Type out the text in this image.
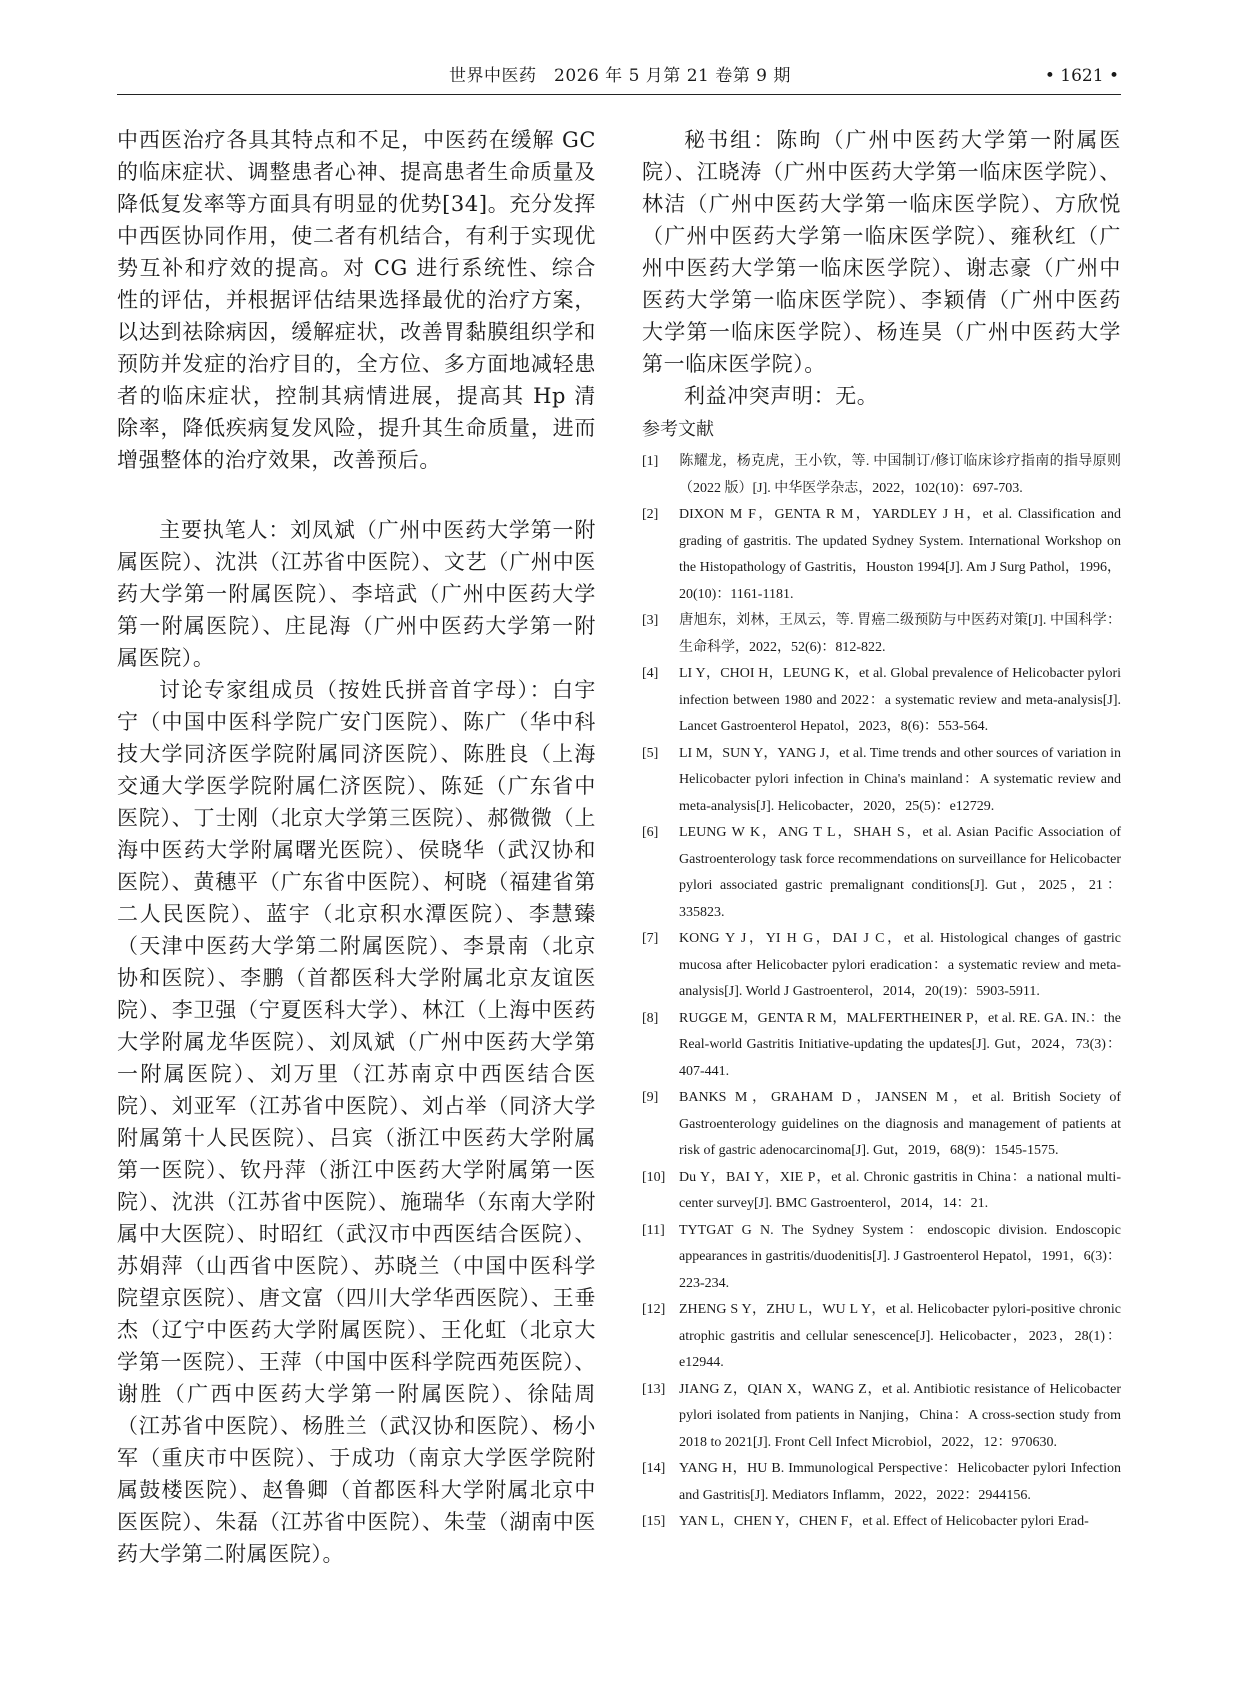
世界中医药　2026 年 5 月第 21 卷第 9 期	• 1621 •

中西医治疗各具其特点和不足，中医药在缓解 GC 的临床症状、调整患者心神、提高患者生命质量及降低复发率等方面具有明显的优势[34]。充分发挥中西医协同作用，使二者有机结合，有利于实现优势互补和疗效的提高。对 CG 进行系统性、综合性的评估，并根据评估结果选择最优的治疗方案，以达到祛除病因，缓解症状，改善胃黏膜组织学和预防并发症的治疗目的，全方位、多方面地减轻患者的临床症状，控制其病情进展，提高其 Hp 清除率，降低疾病复发风险，提升其生命质量，进而增强整体的治疗效果，改善预后。

主要执笔人：刘凤斌（广州中医药大学第一附属医院）、沈洪（江苏省中医院）、文艺（广州中医药大学第一附属医院）、李培武（广州中医药大学第一附属医院）、庄昆海（广州中医药大学第一附属医院）。

讨论专家组成员（按姓氏拼音首字母）：白宇宁（中国中医科学院广安门医院）、陈广（华中科技大学同济医学院附属同济医院）、陈胜良（上海交通大学医学院附属仁济医院）、陈延（广东省中医院）、丁士刚（北京大学第三医院）、郝微微（上海中医药大学附属曙光医院）、侯晓华（武汉协和医院）、黄穗平（广东省中医院）、柯晓（福建省第二人民医院）、蓝宇（北京积水潭医院）、李慧臻（天津中医药大学第二附属医院）、李景南（北京协和医院）、李鹏（首都医科大学附属北京友谊医院）、李卫强（宁夏医科大学）、林江（上海中医药大学附属龙华医院）、刘凤斌（广州中医药大学第一附属医院）、刘万里（江苏南京中西医结合医院）、刘亚军（江苏省中医院）、刘占举（同济大学附属第十人民医院）、吕宾（浙江中医药大学附属第一医院）、钦丹萍（浙江中医药大学附属第一医院）、沈洪（江苏省中医院）、施瑞华（东南大学附属中大医院）、时昭红（武汉市中西医结合医院）、苏娟萍（山西省中医院）、苏晓兰（中国中医科学院望京医院）、唐文富（四川大学华西医院）、王垂杰（辽宁中医药大学附属医院）、王化虹（北京大学第一医院）、王萍（中国中医科学院西苑医院）、谢胜（广西中医药大学第一附属医院）、徐陆周（江苏省中医院）、杨胜兰（武汉协和医院）、杨小军（重庆市中医院）、于成功（南京大学医学院附属鼓楼医院）、赵鲁卿（首都医科大学附属北京中医医院）、朱磊（江苏省中医院）、朱莹（湖南中医药大学第二附属医院）。

秘书组：陈昫（广州中医药大学第一附属医院）、江晓涛（广州中医药大学第一临床医学院）、林洁（广州中医药大学第一临床医学院）、方欣悦（广州中医药大学第一临床医学院）、雍秋红（广州中医药大学第一临床医学院）、谢志豪（广州中医药大学第一临床医学院）、李颖倩（广州中医药大学第一临床医学院）、杨连昊（广州中医药大学第一临床医学院）。

利益冲突声明：无。

参考文献
[1] 陈耀龙，杨克虎，王小钦，等. 中国制订/修订临床诊疗指南的指导原则（2022 版）[J]. 中华医学杂志，2022，102(10)：697-703.
[2] DIXON M F，GENTA R M，YARDLEY J H，et al. Classification and grading of gastritis. The updated Sydney System. International Workshop on the Histopathology of Gastritis，Houston 1994[J]. Am J Surg Pathol，1996，20(10)：1161-1181.
[3] 唐旭东，刘林，王凤云，等. 胃癌二级预防与中医药对策[J]. 中国科学：生命科学，2022，52(6)：812-822.
[4] LI Y，CHOI H，LEUNG K，et al. Global prevalence of Helicobacter pylori infection between 1980 and 2022：a systematic review and meta-analysis[J]. Lancet Gastroenterol Hepatol，2023，8(6)：553-564.
[5] LI M，SUN Y，YANG J，et al. Time trends and other sources of variation in Helicobacter pylori infection in China's mainland：A systematic review and meta-analysis[J]. Helicobacter，2020，25(5)：e12729.
[6] LEUNG W K，ANG T L，SHAH S，et al. Asian Pacific Association of Gastroenterology task force recommendations on surveillance for Helicobacter pylori associated gastric premalignant conditions[J]. Gut，2025，21：335823.
[7] KONG Y J，YI H G，DAI J C，et al. Histological changes of gastric mucosa after Helicobacter pylori eradication：a systematic review and meta-analysis[J]. World J Gastroenterol，2014，20(19)：5903-5911.
[8] RUGGE M，GENTA R M，MALFERTHEINER P，et al. RE. GA. IN.：the Real-world Gastritis Initiative-updating the updates[J]. Gut，2024，73(3)：407-441.
[9] BANKS M，GRAHAM D，JANSEN M，et al. British Society of Gastroenterology guidelines on the diagnosis and management of patients at risk of gastric adenocarcinoma[J]. Gut，2019，68(9)：1545-1575.
[10] Du Y，BAI Y，XIE P，et al. Chronic gastritis in China：a national multi-center survey[J]. BMC Gastroenterol，2014，14：21.
[11] TYTGAT G N. The Sydney System：endoscopic division. Endoscopic appearances in gastritis/duodenitis[J]. J Gastroenterol Hepatol，1991，6(3)：223-234.
[12] ZHENG S Y，ZHU L，WU L Y，et al. Helicobacter pylori-positive chronic atrophic gastritis and cellular senescence[J]. Helicobacter，2023，28(1)：e12944.
[13] JIANG Z，QIAN X，WANG Z，et al. Antibiotic resistance of Helicobacter pylori isolated from patients in Nanjing，China：A cross-section study from 2018 to 2021[J]. Front Cell Infect Microbiol，2022，12：970630.
[14] YANG H，HU B. Immunological Perspective：Helicobacter pylori Infection and Gastritis[J]. Mediators Inflamm，2022，2022：2944156.
[15] YAN L，CHEN Y，CHEN F，et al. Effect of Helicobacter pylori Erad-
